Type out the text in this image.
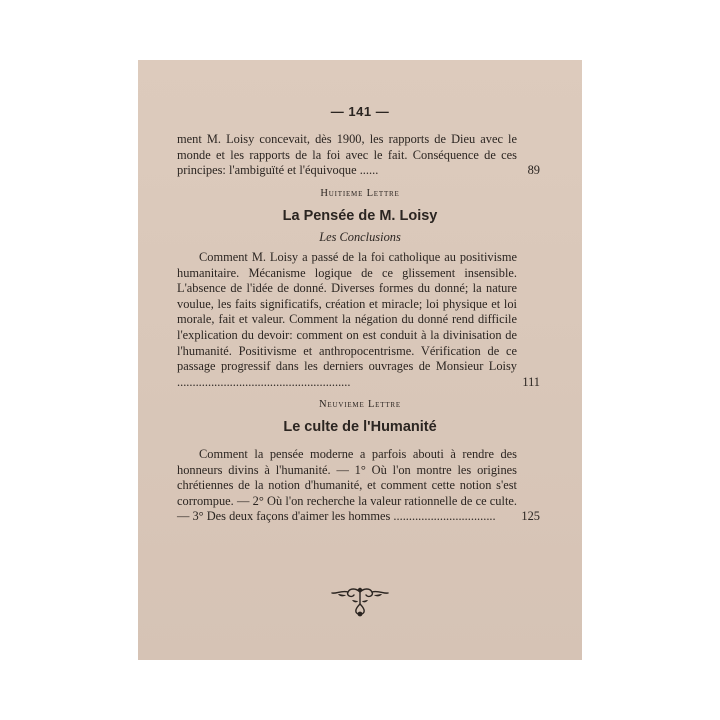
— 141 —
ment M. Loisy concevait, dès 1900, les rapports de Dieu avec le monde et les rapports de la foi avec le fait. Conséquence de ces principes: l'ambiguïté et l'équivoque ......	89
Huitieme Lettre
La Pensée de M. Loisy
Les Conclusions
Comment M. Loisy a passé de la foi catholique au positivisme humanitaire. Mécanisme logique de ce glissement insensible. L'absence de l'idée de donné. Diverses formes du donné; la nature voulue, les faits significatifs, création et miracle; loi physique et loi morale, fait et valeur. Comment la négation du donné rend difficile l'explication du devoir: comment on est conduit à la divinisation de l'humanité. Positivisme et anthropocentrisme. Vérification de ce passage progressif dans les derniers ouvrages de Monsieur Loisy ........................................................	111
Neuvieme Lettre
Le culte de l'Humanité
Comment la pensée moderne a parfois abouti à rendre des honneurs divins à l'humanité. — 1° Où l'on montre les origines chrétiennes de la notion d'humanité, et comment cette notion s'est corrompue. — 2° Où l'on recherche la valeur rationnelle de ce culte. — 3° Des deux façons d'aimer les hommes .................................	125
